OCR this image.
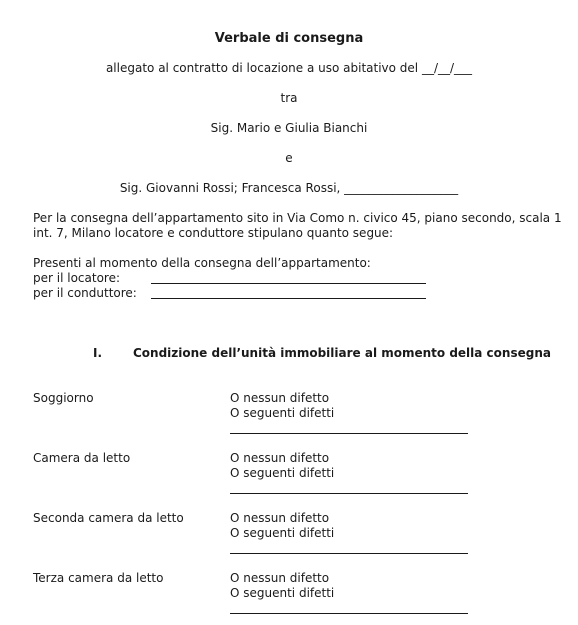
Verbale di consegna
allegato al contratto di locazione a uso abitativo del __/__/___
tra
Sig. Mario e Giulia Bianchi
e
Sig. Giovanni Rossi; Francesca Rossi, ___________________
Per la consegna dell’appartamento sito in Via Como n. civico 45, piano secondo, scala 1
int. 7, Milano locatore e conduttore stipulano quanto segue:
Presenti al momento della consegna dell’appartamento:
per il locatore:
per il conduttore:
I.	Condizione dell’unità immobiliare al momento della consegna
Soggiorno	O nessun difetto
O seguenti difetti
Camera da letto	O nessun difetto
O seguenti difetti
Seconda camera da letto	O nessun difetto
O seguenti difetti
Terza camera da letto	O nessun difetto
O seguenti difetti
